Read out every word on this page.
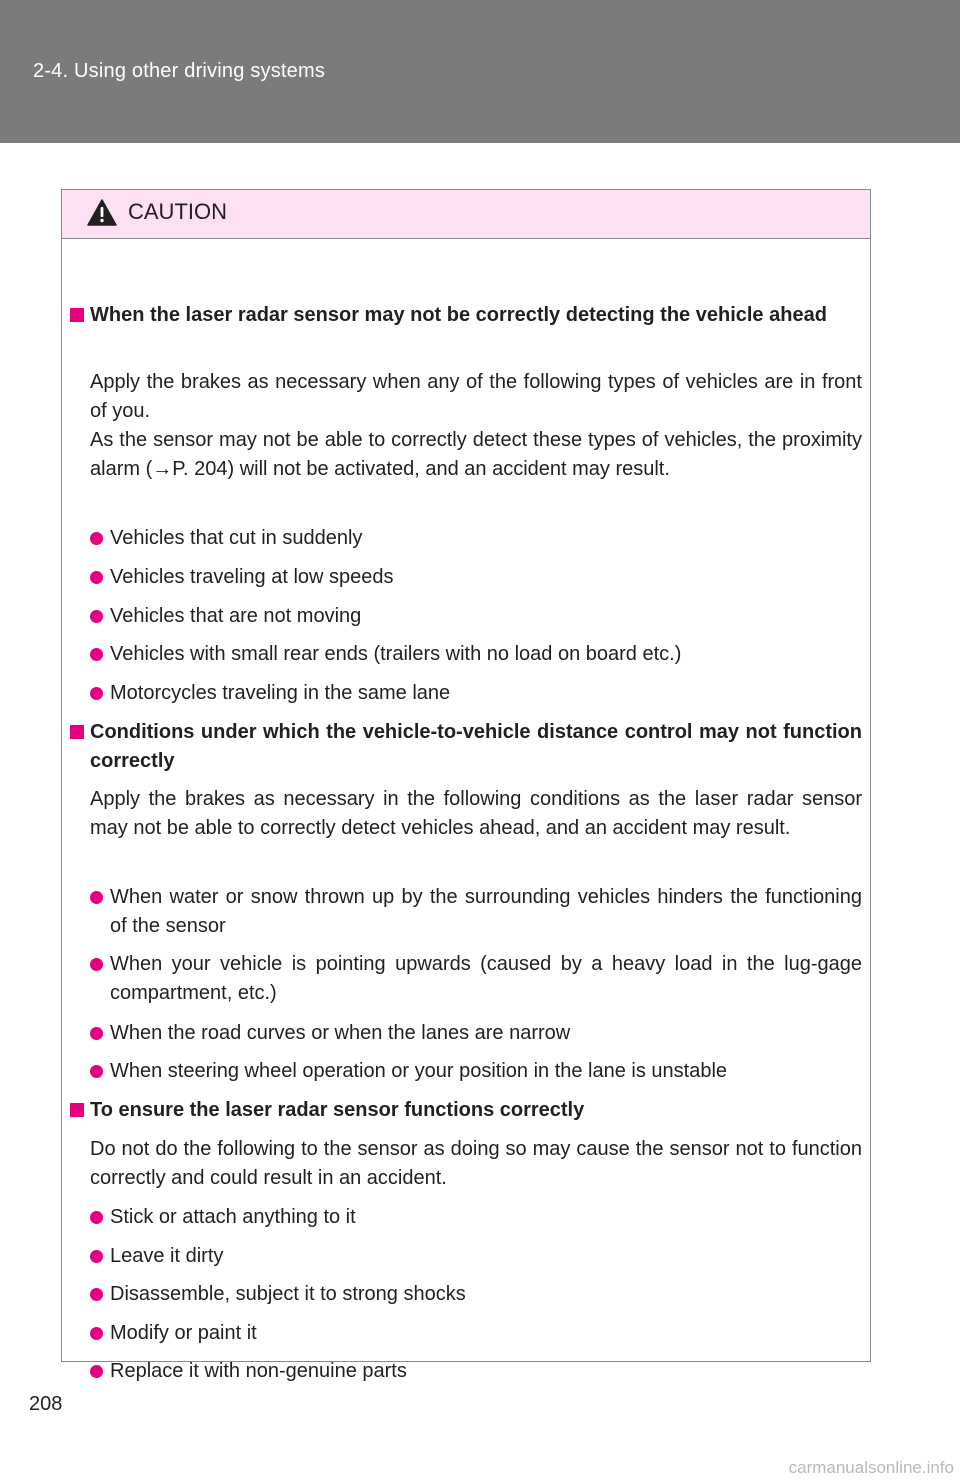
2-4. Using other driving systems
CAUTION
When the laser radar sensor may not be correctly detecting the vehicle ahead
Apply the brakes as necessary when any of the following types of vehicles are in front of you.
As the sensor may not be able to correctly detect these types of vehicles, the proximity alarm (→P. 204) will not be activated, and an accident may result.
Vehicles that cut in suddenly
Vehicles traveling at low speeds
Vehicles that are not moving
Vehicles with small rear ends (trailers with no load on board etc.)
Motorcycles traveling in the same lane
Conditions under which the vehicle-to-vehicle distance control may not function correctly
Apply the brakes as necessary in the following conditions as the laser radar sensor may not be able to correctly detect vehicles ahead, and an accident may result.
When water or snow thrown up by the surrounding vehicles hinders the functioning of the sensor
When your vehicle is pointing upwards (caused by a heavy load in the lug-gage compartment, etc.)
When the road curves or when the lanes are narrow
When steering wheel operation or your position in the lane is unstable
To ensure the laser radar sensor functions correctly
Do not do the following to the sensor as doing so may cause the sensor not to function correctly and could result in an accident.
Stick or attach anything to it
Leave it dirty
Disassemble, subject it to strong shocks
Modify or paint it
Replace it with non-genuine parts
208
carmanualsonline.info
